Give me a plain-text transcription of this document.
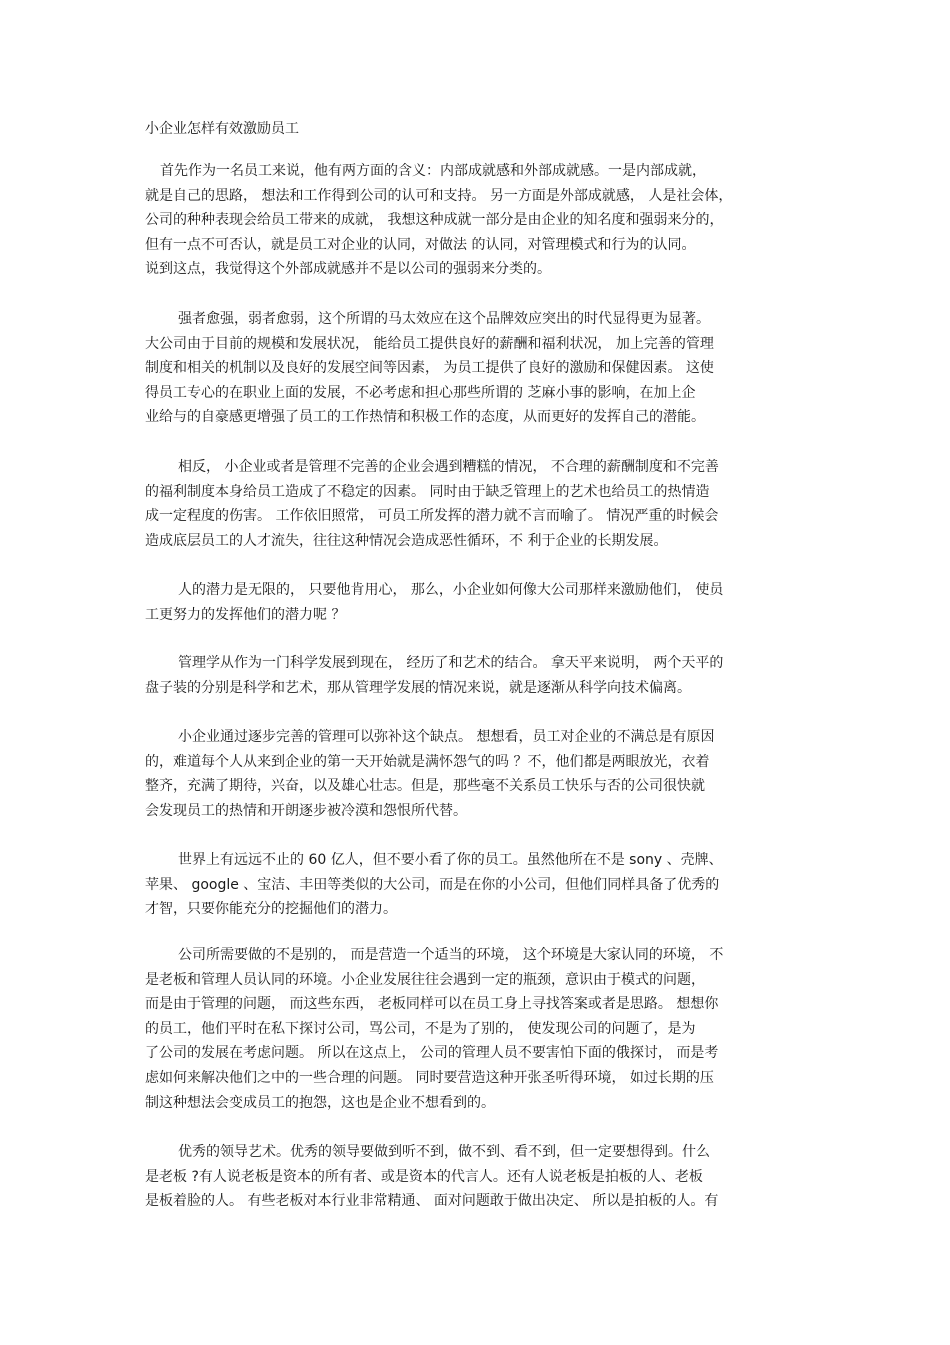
小企业怎样有效激励员工
首先作为一名员工来说，他有两方面的含义：内部成就感和外部成就感。一是内部成就，
就是自己的思路， 想法和工作得到公司的认可和支持。 另一方面是外部成就感， 人是社会体，
公司的种种表现会给员工带来的成就， 我想这种成就一部分是由企业的知名度和强弱来分的，
但有一点不可否认，就是员工对企业的认同，对做法 的认同，对管理模式和行为的认同。
说到这点，我觉得这个外部成就感并不是以公司的强弱来分类的。
强者愈强，弱者愈弱，这个所谓的马太效应在这个品牌效应突出的时代显得更为显著。
大公司由于目前的规模和发展状况， 能给员工提供良好的薪酬和福利状况， 加上完善的管理
制度和相关的机制以及良好的发展空间等因素， 为员工提供了良好的激励和保健因素。 这使
得员工专心的在职业上面的发展，不必考虑和担心那些所谓的 芝麻小事的影响，在加上企
业给与的自豪感更增强了员工的工作热情和积极工作的态度，从而更好的发挥自己的潜能。
相反， 小企业或者是管理不完善的企业会遇到糟糕的情况， 不合理的薪酬制度和不完善
的福利制度本身给员工造成了不稳定的因素。 同时由于缺乏管理上的艺术也给员工的热情造
成一定程度的伤害。 工作依旧照常， 可员工所发挥的潜力就不言而喻了。 情况严重的时候会
造成底层员工的人才流失，往往这种情况会造成恶性循环，不 利于企业的长期发展。
人的潜力是无限的， 只要他肯用心， 那么，小企业如何像大公司那样来激励他们， 使员
工更努力的发挥他们的潜力呢 ？
管理学从作为一门科学发展到现在， 经历了和艺术的结合。 拿天平来说明， 两个天平的
盘子装的分别是科学和艺术，那从管理学发展的情况来说，就是逐渐从科学向技术偏离。
小企业通过逐步完善的管理可以弥补这个缺点。 想想看，员工对企业的不满总是有原因
的，难道每个人从来到企业的第一天开始就是满怀怨气的吗 ？不，他们都是两眼放光，衣着
整齐，充满了期待，兴奋，以及雄心壮志。但是，那些毫不关系员工快乐与否的公司很快就
会发现员工的热情和开朗逐步被冷漠和怨恨所代替。
世界上有远远不止的 60 亿人，但不要小看了你的员工。虽然他所在不是 sony 、壳牌、
苹果、 google 、宝洁、丰田等类似的大公司，而是在你的小公司，但他们同样具备了优秀的
才智，只要你能充分的挖掘他们的潜力。
公司所需要做的不是别的， 而是营造一个适当的环境， 这个环境是大家认同的环境， 不
是老板和管理人员认同的环境。小企业发展往往会遇到一定的瓶颈，意识由于模式的问题，
而是由于管理的问题， 而这些东西， 老板同样可以在员工身上寻找答案或者是思路。 想想你
的员工，他们平时在私下探讨公司，骂公司，不是为了别的， 使发现公司的问题了，是为
了公司的发展在考虑问题。 所以在这点上， 公司的管理人员不要害怕下面的俄探讨， 而是考
虑如何来解决他们之中的一些合理的问题。 同时要营造这种开张圣听得环境， 如过长期的压
制这种想法会变成员工的抱怨，这也是企业不想看到的。
优秀的领导艺术。优秀的领导要做到听不到，做不到、看不到，但一定要想得到。什么
是老板 ?有人说老板是资本的所有者、或是资本的代言人。还有人说老板是拍板的人、老板
是板着脸的人。 有些老板对本行业非常精通、 面对问题敢于做出决定、 所以是拍板的人。有
